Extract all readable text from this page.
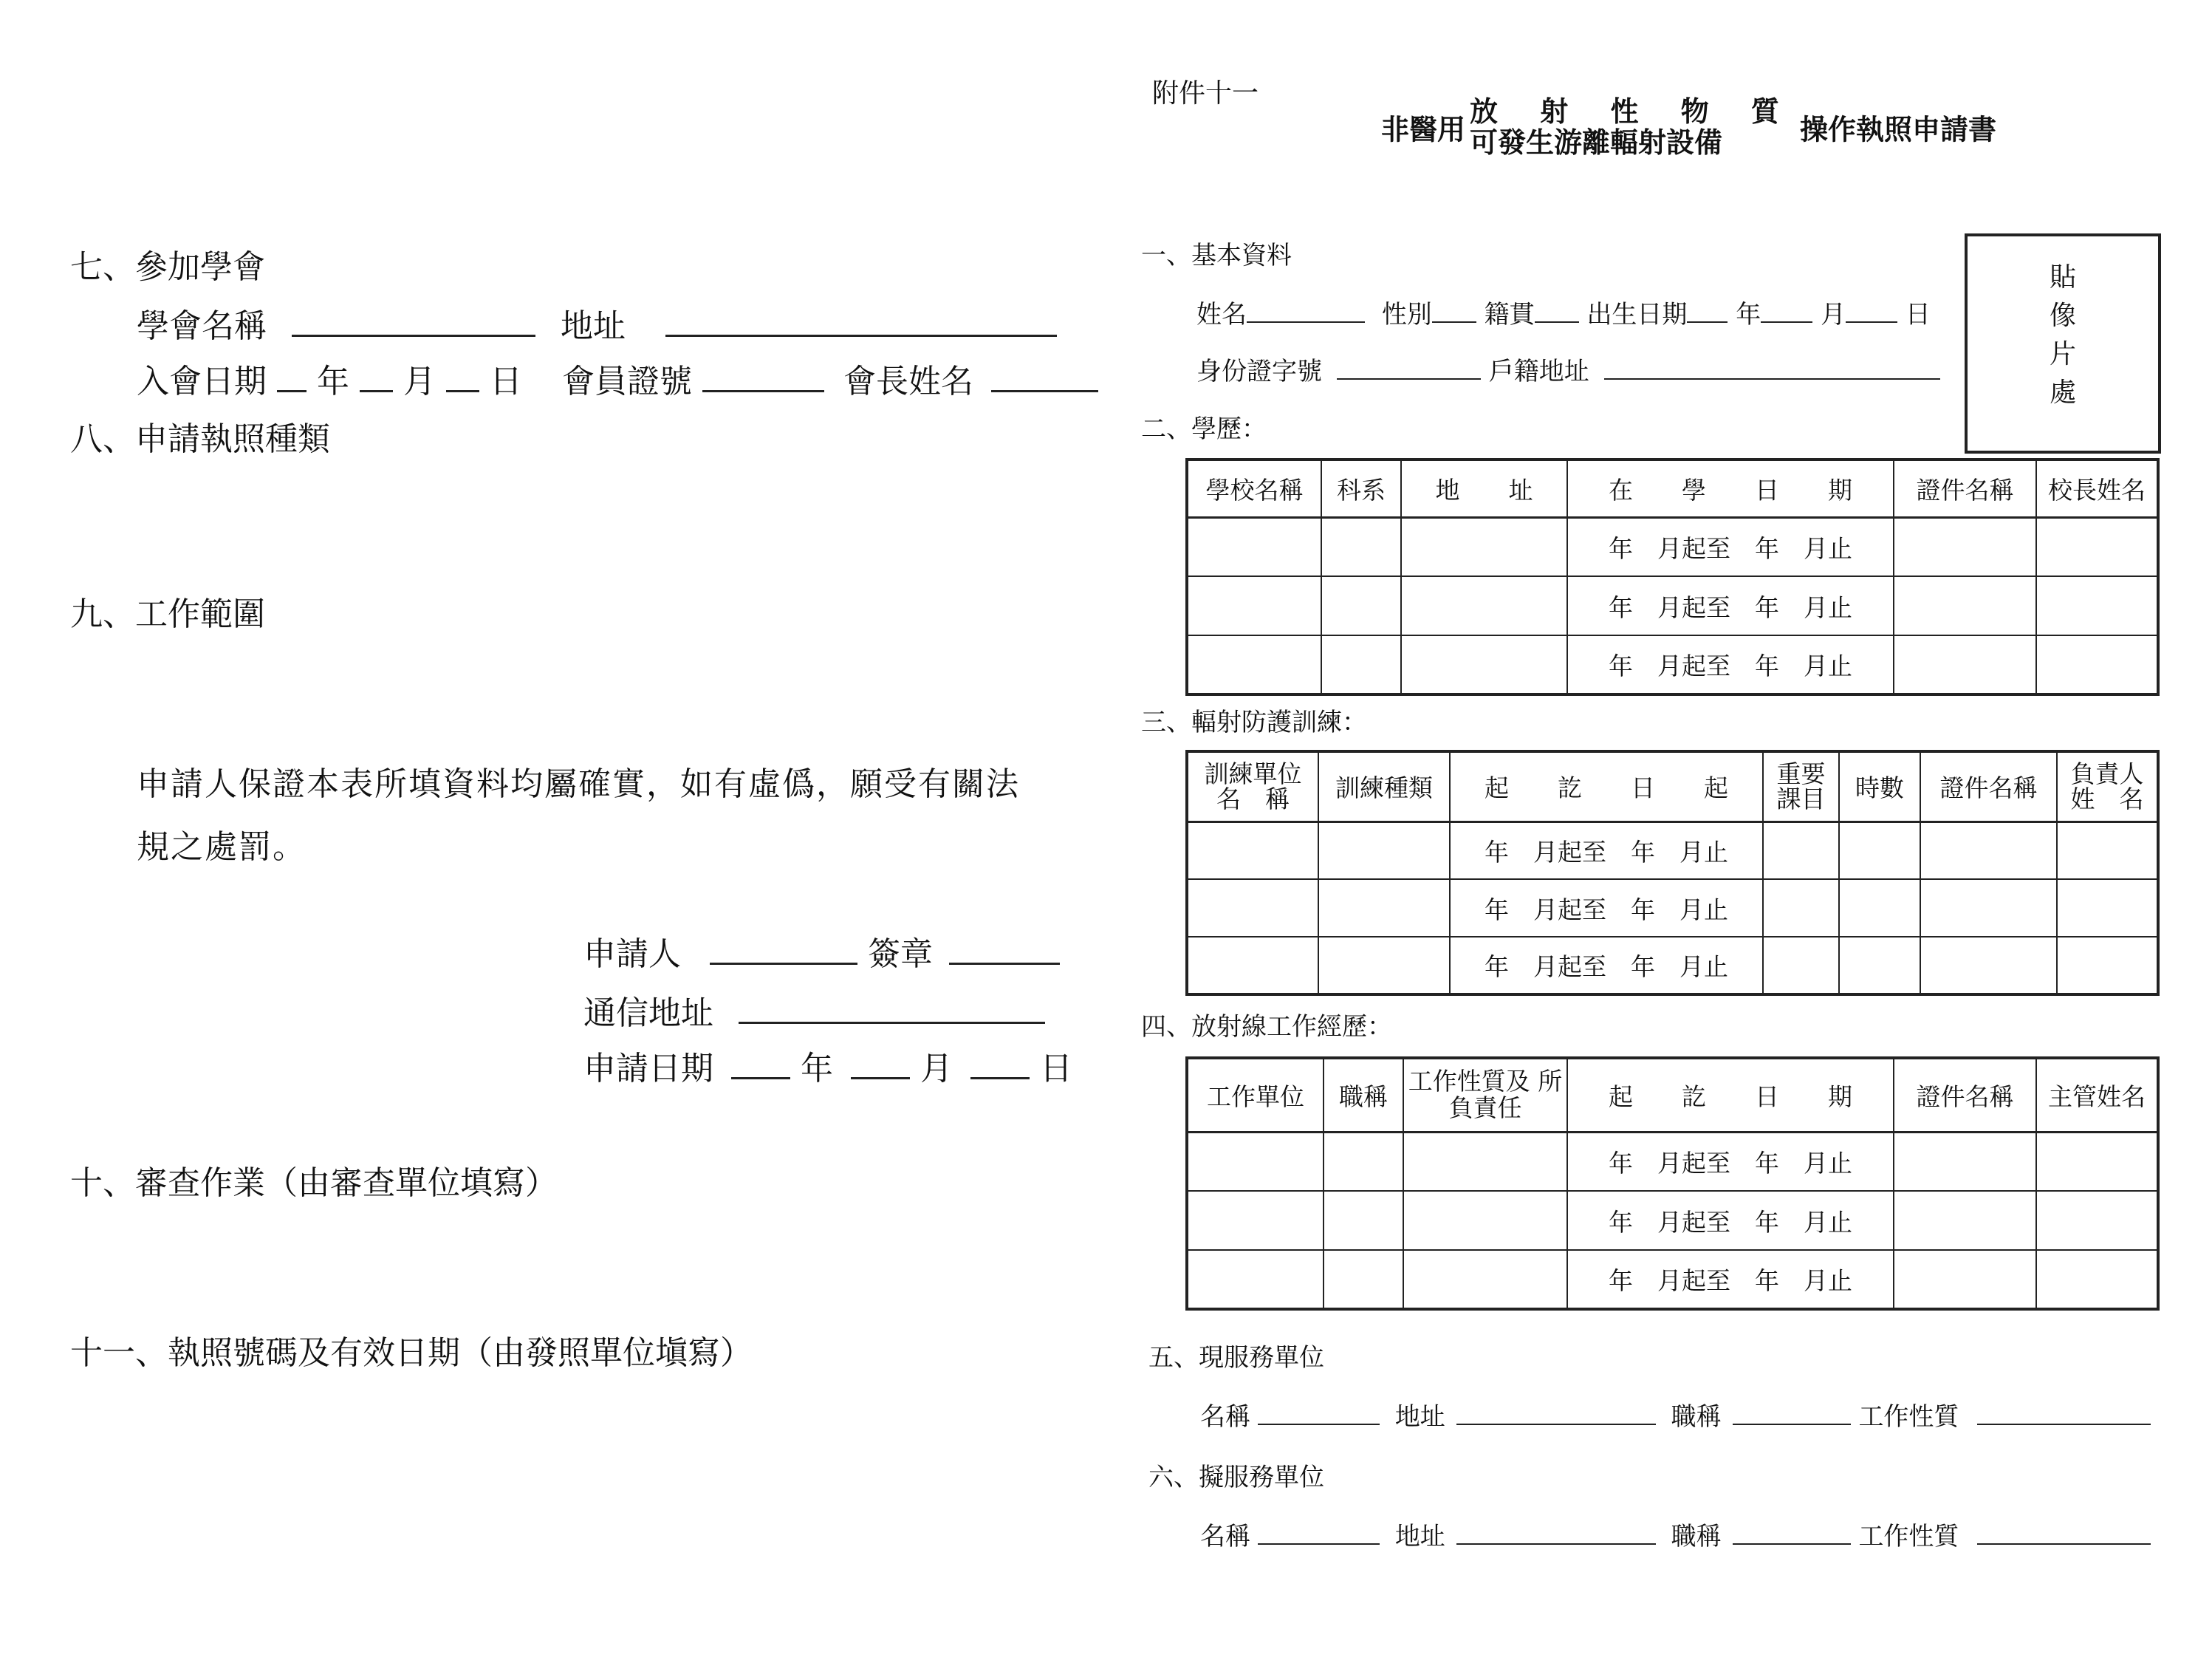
七、參加學會
學會名稱	地址
入會日期 年 月 日 會員證號	會長姓名
八、申請執照種類
九、工作範圍
申請人保證本表所填資料均屬確實，如有虛僞，願受有關法
規之處罰。
申請人	簽章
通信地址
申請日期	年	月	日
十、審查作業（由審查單位填寫）
十一、執照號碼及有效日期（由發照單位塡寫）
附件十一
非醫用
放 射 性 物 質
可發生游離輻射設備	操作執照申請書
一、基本資料
姓名	性別 籍貫 出生日期 年 月 日
身份證字號	戶籍地址
貼
像
片
處
二、學歷：
學校名稱	科系	地　　址	在　　學　　日　　期	證件名稱	校長姓名
			年　月起至　年　月止		
			年　月起至　年　月止		
			年　月起至　年　月止		
三、輻射防護訓練：
訓練單位 名　稱	訓練種類	起　　訖　　日　　起	重要 課目	時數	證件名稱	負責人 姓　名
		年　月起至　年　月止				
		年　月起至　年　月止				
		年　月起至　年　月止				
四、放射線工作經歷：
工作單位	職稱	工作性質及 所負責任	起　　訖　　日　　期	證件名稱	主管姓名
			年　月起至　年　月止		
			年　月起至　年　月止		
			年　月起至　年　月止		
五、現服務單位
名稱	地址	職稱	工作性質
六、擬服務單位
名稱	地址	職稱	工作性質
